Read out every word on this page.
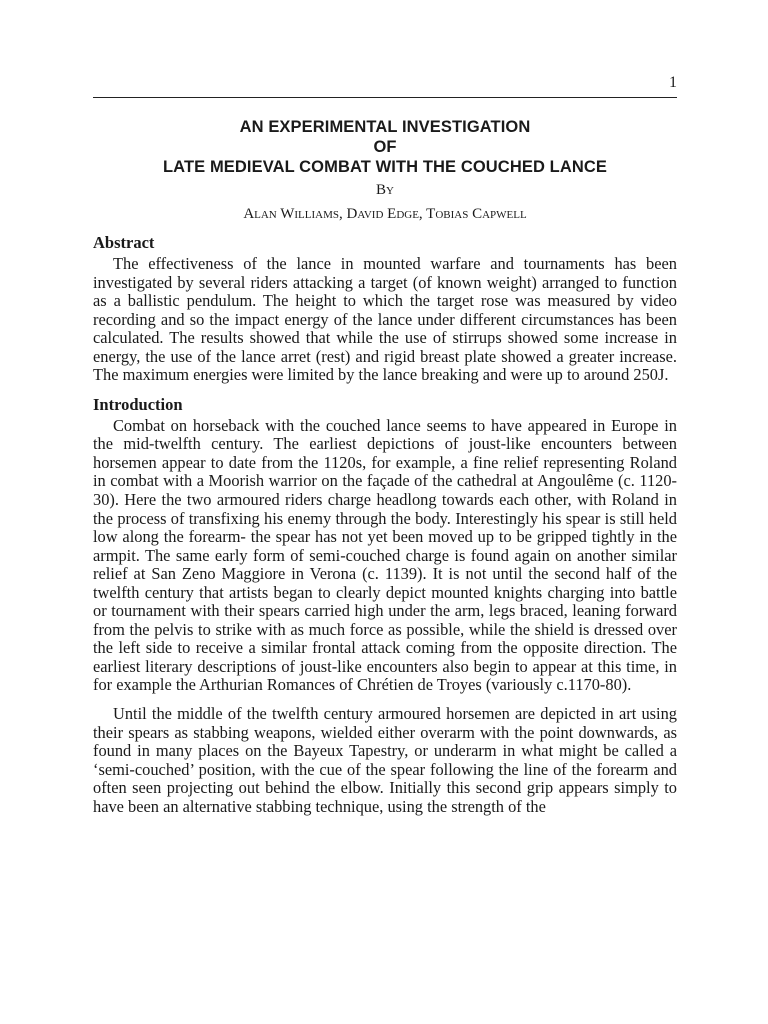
1
AN EXPERIMENTAL INVESTIGATION
OF
LATE MEDIEVAL COMBAT WITH THE COUCHED LANCE
By
Alan Williams, David Edge, Tobias Capwell
Abstract

The effectiveness of the lance in mounted warfare and tournaments has been investigated by several riders attacking a target (of known weight) arranged to function as a ballistic pendulum. The height to which the target rose was measured by video recording and so the impact energy of the lance under different circumstances has been calculated. The results showed that while the use of stirrups showed some increase in energy, the use of the lance arret (rest) and rigid breast plate showed a greater increase. The maximum energies were limited by the lance breaking and were up to around 250J.

Introduction

Combat on horseback with the couched lance seems to have appeared in Europe in the mid-twelfth century. The earliest depictions of joust-like encounters between horsemen appear to date from the 1120s, for example, a fine relief representing Roland in combat with a Moorish warrior on the façade of the cathedral at Angoulême (c. 1120-30). Here the two armoured riders charge headlong towards each other, with Roland in the process of transfixing his enemy through the body. Interestingly his spear is still held low along the forearm- the spear has not yet been moved up to be gripped tightly in the armpit. The same early form of semi-couched charge is found again on another similar relief at San Zeno Maggiore in Verona (c. 1139). It is not until the second half of the twelfth century that artists began to clearly depict mounted knights charging into battle or tournament with their spears carried high under the arm, legs braced, leaning forward from the pelvis to strike with as much force as possible, while the shield is dressed over the left side to receive a similar frontal attack coming from the opposite direction. The earliest literary descriptions of joust-like encounters also begin to appear at this time, in for example the Arthurian Romances of Chrétien de Troyes (variously c.1170-80).

Until the middle of the twelfth century armoured horsemen are depicted in art using their spears as stabbing weapons, wielded either overarm with the point downwards, as found in many places on the Bayeux Tapestry, or underarm in what might be called a ‘semi-couched’ position, with the cue of the spear following the line of the forearm and often seen projecting out behind the elbow. Initially this second grip appears simply to have been an alternative stabbing technique, using the strength of the
